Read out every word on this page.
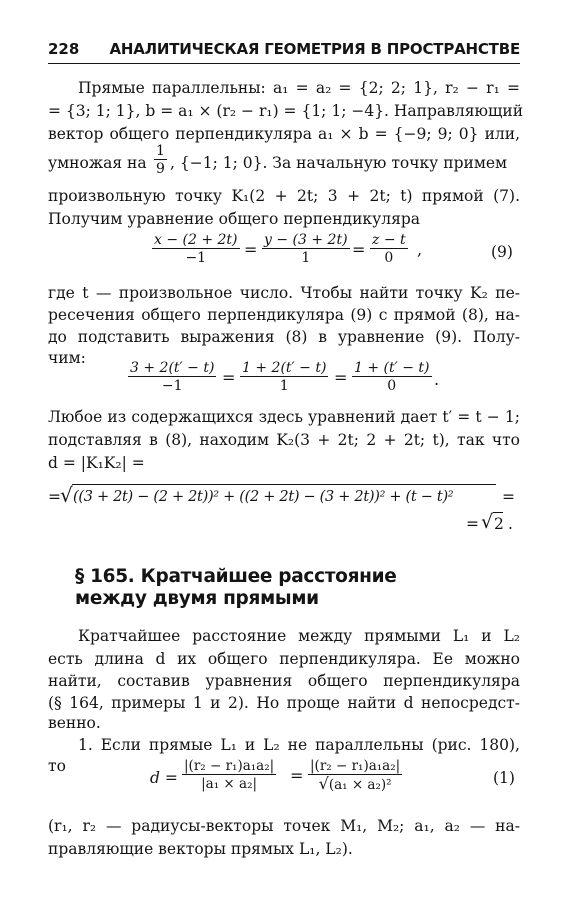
228 АНАЛИТИЧЕСКАЯ ГЕОМЕТРИЯ В ПРОСТРАНСТВЕ
Прямые параллельны: a₁ = a₂ = {2; 2; 1}, r₂ − r₁ =
= {3; 1; 1}, b = a₁ × (r₂ − r₁) = {1; 1; −4}. Направляющий
вектор общего перпендикуляра a₁ × b = {−9; 9; 0} или,
умножая на
1
9 , {−1; 1; 0}. За начальную точку примем
произвольную точку K₁(2 + 2t; 3 + 2t; t) прямой (7).
Получим уравнение общего перпендикуляра
x − (2 + 2t)
−1	= y − (3 + 2t)
1	= z − t
0	,	(9)
где t — произвольное число. Чтобы найти точку K₂ пе-
ресечения общего перпендикуляра (9) с прямой (8), на-
до подставить выражения (8) в уравнение (9). Полу-
чим:
3 + 2(t′ − t)
−1	= 1 + 2(t′ − t)
1	= 1 + (t′ − t)
0	.
Любое из содержащихся здесь уравнений дает t′ = t − 1;
подставляя в (8), находим K₂(3 + 2t; 2 + 2t; t), так что
d = |K₁K₂| =
= √ ((3 + 2t) − (2 + 2t))² + ((2 + 2t) − (3 + 2t))² + (t − t)²	=
= √ 2 .
§ 165. Кратчайшее расстояние
между двумя прямыми
Кратчайшее расстояние между прямыми L₁ и L₂
есть длина d их общего перпендикуляра. Ее можно
найти, составив уравнения общего перпендикуляра
(§ 164, примеры 1 и 2). Но проще найти d непосредст-
венно.
1. Если прямые L₁ и L₂ не параллельны (рис. 180),
то
d =
|(r₂ − r₁)a₁a₂|
|a₁ × a₂|	= |(r₂ − r₁)a₁a₂|
√(a₁ × a₂)²	(1)
(r₁, r₂ — радиусы-векторы точек M₁, M₂; a₁, a₂ — на-
правляющие векторы прямых L₁, L₂).
